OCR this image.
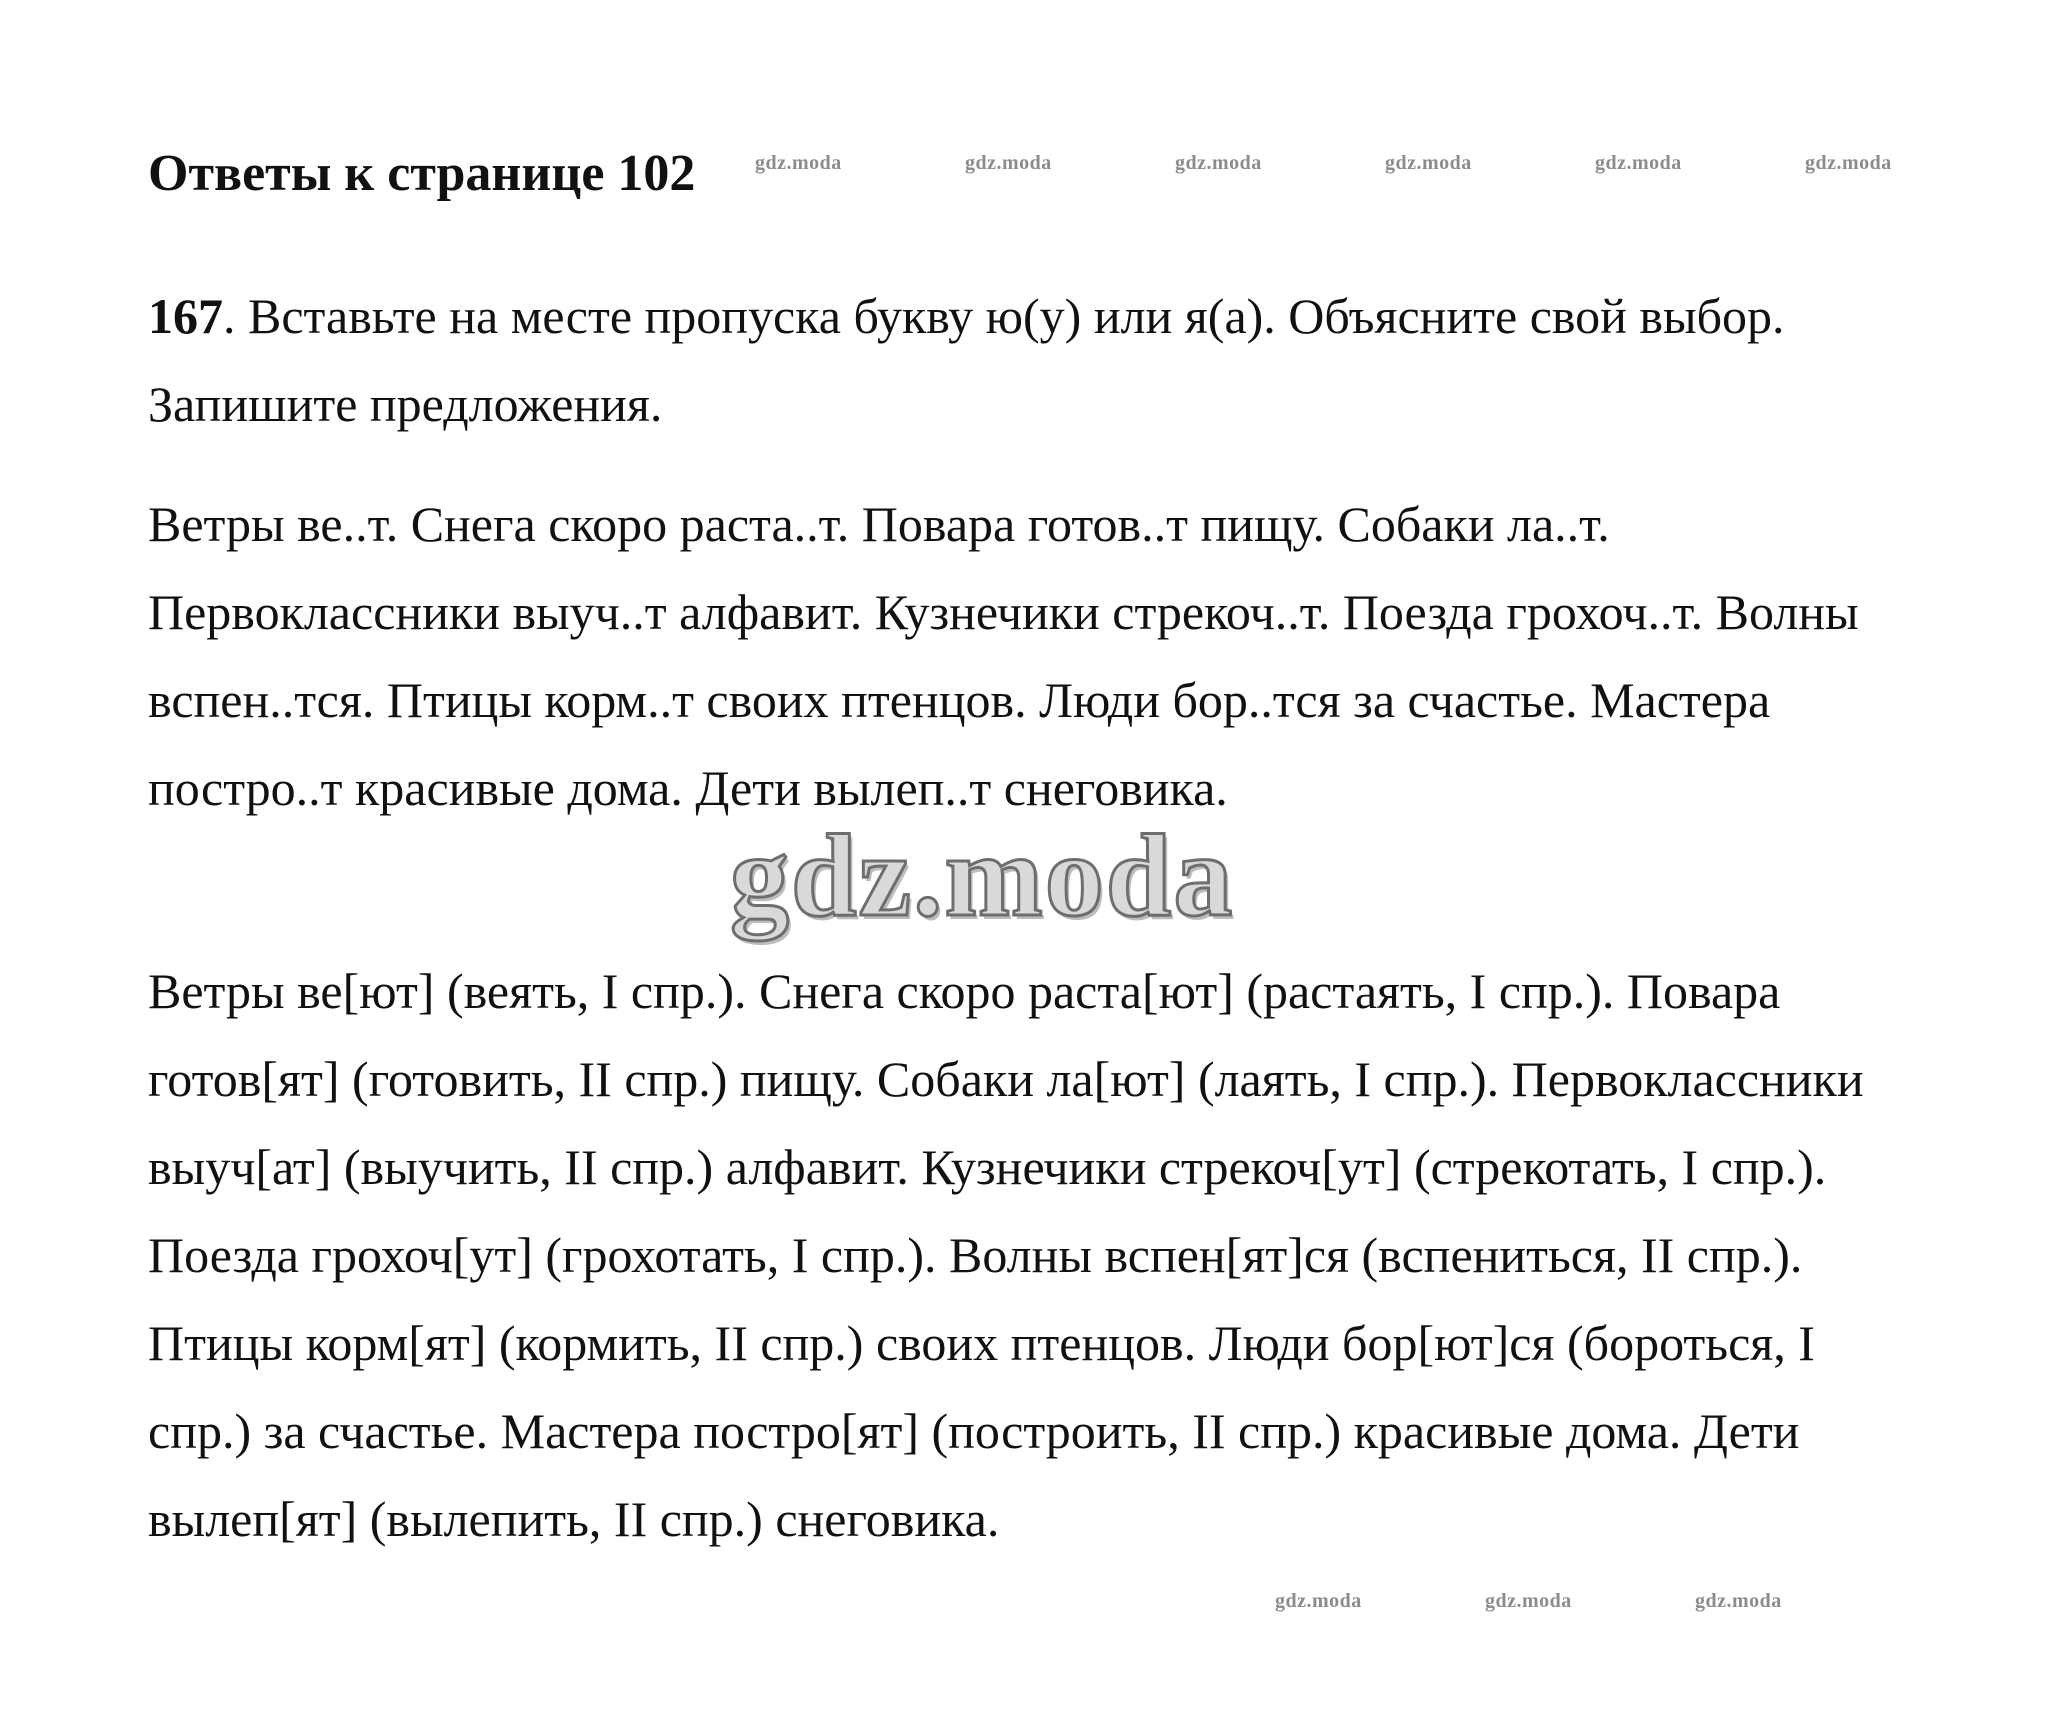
Ответы к странице 102

167. Вставьте на месте пропуска букву ю(у) или я(а). Объясните свой выбор. Запишите предложения.

Ветры ве..т. Снега скоро раста..т. Повара готов..т пищу. Собаки ла..т. Первоклассники выуч..т алфавит. Кузнечики стрекоч..т. Поезда грохоч..т. Волны вспен..тся. Птицы корм..т своих птенцов. Люди бор..тся за счастье. Мастера постро..т красивые дома. Дети вылеп..т снеговика.

Ветры ве[ют] (веять, I спр.). Снега скоро раста[ют] (растаять, I спр.). Повара готов[ят] (готовить, II спр.) пищу. Собаки ла[ют] (лаять, I спр.). Первоклассники выуч[ат] (выучить, II спр.) алфавит. Кузнечики стрекоч[ут] (стрекотать, I спр.). Поезда грохоч[ут] (грохотать, I спр.). Волны вспен[ят]ся (вспениться, II спр.). Птицы корм[ят] (кормить, II спр.) своих птенцов. Люди бор[ют]ся (бороться, I спр.) за счастье. Мастера постро[ят] (построить, II спр.) красивые дома. Дети вылеп[ят] (вылепить, II спр.) снеговика.

gdz.moda	gdz.moda	gdz.moda	gdz.moda	gdz.moda	gdz.moda
gdz.moda
gdz.moda	gdz.moda	gdz.moda
